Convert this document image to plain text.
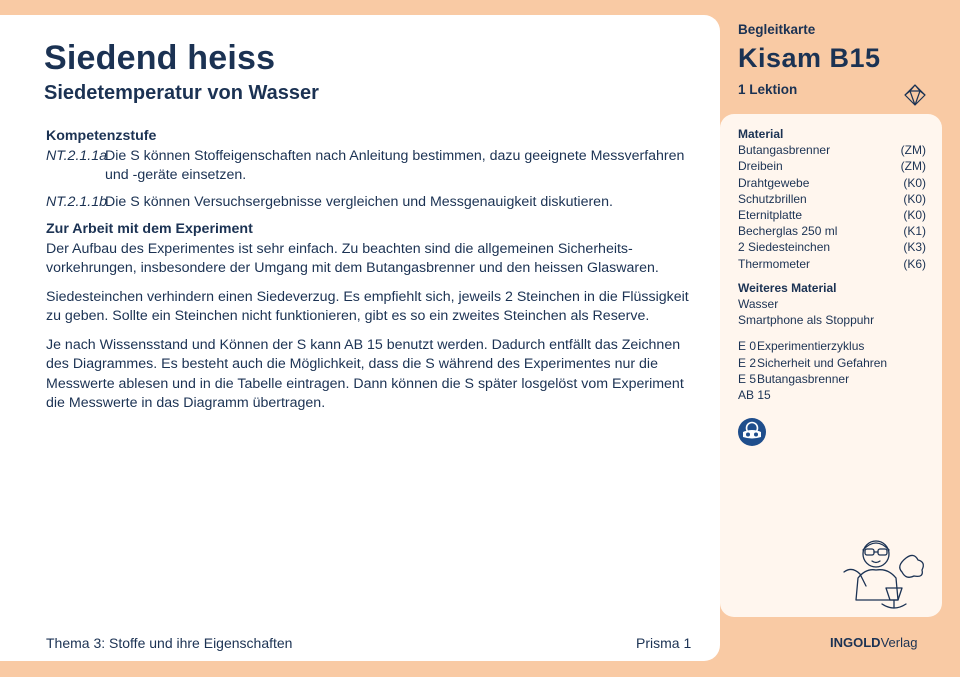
Siedend heiss
Siedetemperatur von Wasser
Kompetenzstufe
NT.2.1.1a
Die S können Stoffeigenschaften nach Anleitung bestimmen, dazu geeignete Messverfahren und -geräte einsetzen.
NT.2.1.1b
Die S können Versuchsergebnisse vergleichen und Messgenauigkeit diskutieren.
Zur Arbeit mit dem Experiment

Der Aufbau des Experimentes ist sehr einfach. Zu beachten sind die allgemeinen Sicherheits-vorkehrungen, insbesondere der Umgang mit dem Butangasbrenner und den heissen Glaswaren.

Siedesteinchen verhindern einen Siedeverzug. Es empfiehlt sich, jeweils 2 Steinchen in die Flüssigkeit zu geben. Sollte ein Steinchen nicht funktionieren, gibt es so ein zweites Steinchen als Reserve.

Je nach Wissensstand und Können der S kann AB 15 benutzt werden. Dadurch entfällt das Zeichnen des Diagrammes. Es besteht auch die Möglichkeit, dass die S während des Experimentes nur die Messwerte ablesen und in die Tabelle eintragen. Dann können die S später losgelöst vom Experiment die Messwerte in das Diagramm übertragen.

Thema 3: Stoffe und ihre Eigenschaften	Prisma 1
Begleitkarte
Kisam B15
1 Lektion
Material
Butangasbrenner	(ZM)
Dreibein	(ZM)
Drahtgewebe	(K0)
Schutzbrillen	(K0)
Eternitplatte	(K0)
Becherglas 250 ml	(K1)
2 Siedesteinchen	(K3)
Thermometer	(K6)
Weiteres Material
Wasser
Smartphone als Stoppuhr
E 0 Experimentierzyklus
E 2 Sicherheit und Gefahren
E 5 Butangasbrenner
AB 15
INGOLDVerlag
